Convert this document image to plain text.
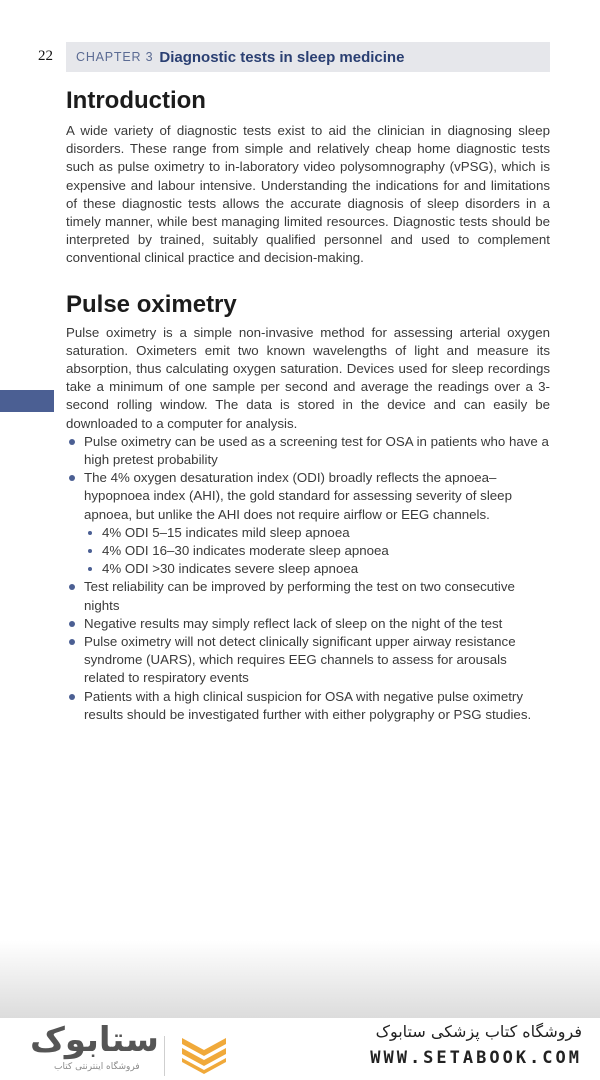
22 CHAPTER 3 Diagnostic tests in sleep medicine
Introduction

A wide variety of diagnostic tests exist to aid the clinician in diagnosing sleep disorders. These range from simple and relatively cheap home diagnostic tests such as pulse oximetry to in-laboratory video polysomnography (vPSG), which is expensive and labour intensive. Understanding the indications for and limitations of these diagnostic tests allows the accurate diagnosis of sleep disorders in a timely manner, while best managing limited resources. Diagnostic tests should be interpreted by trained, suitably qualified personnel and used to complement conventional clinical practice and decision-making.

Pulse oximetry

Pulse oximetry is a simple non-invasive method for assessing arterial oxygen saturation. Oximeters emit two known wavelengths of light and measure its absorption, thus calculating oxygen saturation. Devices used for sleep recordings take a minimum of one sample per second and average the readings over a 3-second rolling window. The data is stored in the device and can easily be downloaded to a computer for analysis.

Pulse oximetry can be used as a screening test for OSA in patients who have a high pretest probability
The 4% oxygen desaturation index (ODI) broadly reflects the apnoea–hypopnoea index (AHI), the gold standard for assessing severity of sleep apnoea, but unlike the AHI does not require airflow or EEG channels.
4% ODI 5–15 indicates mild sleep apnoea
4% ODI 16–30 indicates moderate sleep apnoea
4% ODI >30 indicates severe sleep apnoea
Test reliability can be improved by performing the test on two consecutive nights
Negative results may simply reflect lack of sleep on the night of the test
Pulse oximetry will not detect clinically significant upper airway resistance syndrome (UARS), which requires EEG channels to assess for arousals related to respiratory events
Patients with a high clinical suspicion for OSA with negative pulse oximetry results should be investigated further with either polygraphy or PSG studies.
ستابوک
فروشگاه اینترنتی کتاب
فروشگاه کتاب پزشکی ستابوک
WWW.SETABOOK.COM
